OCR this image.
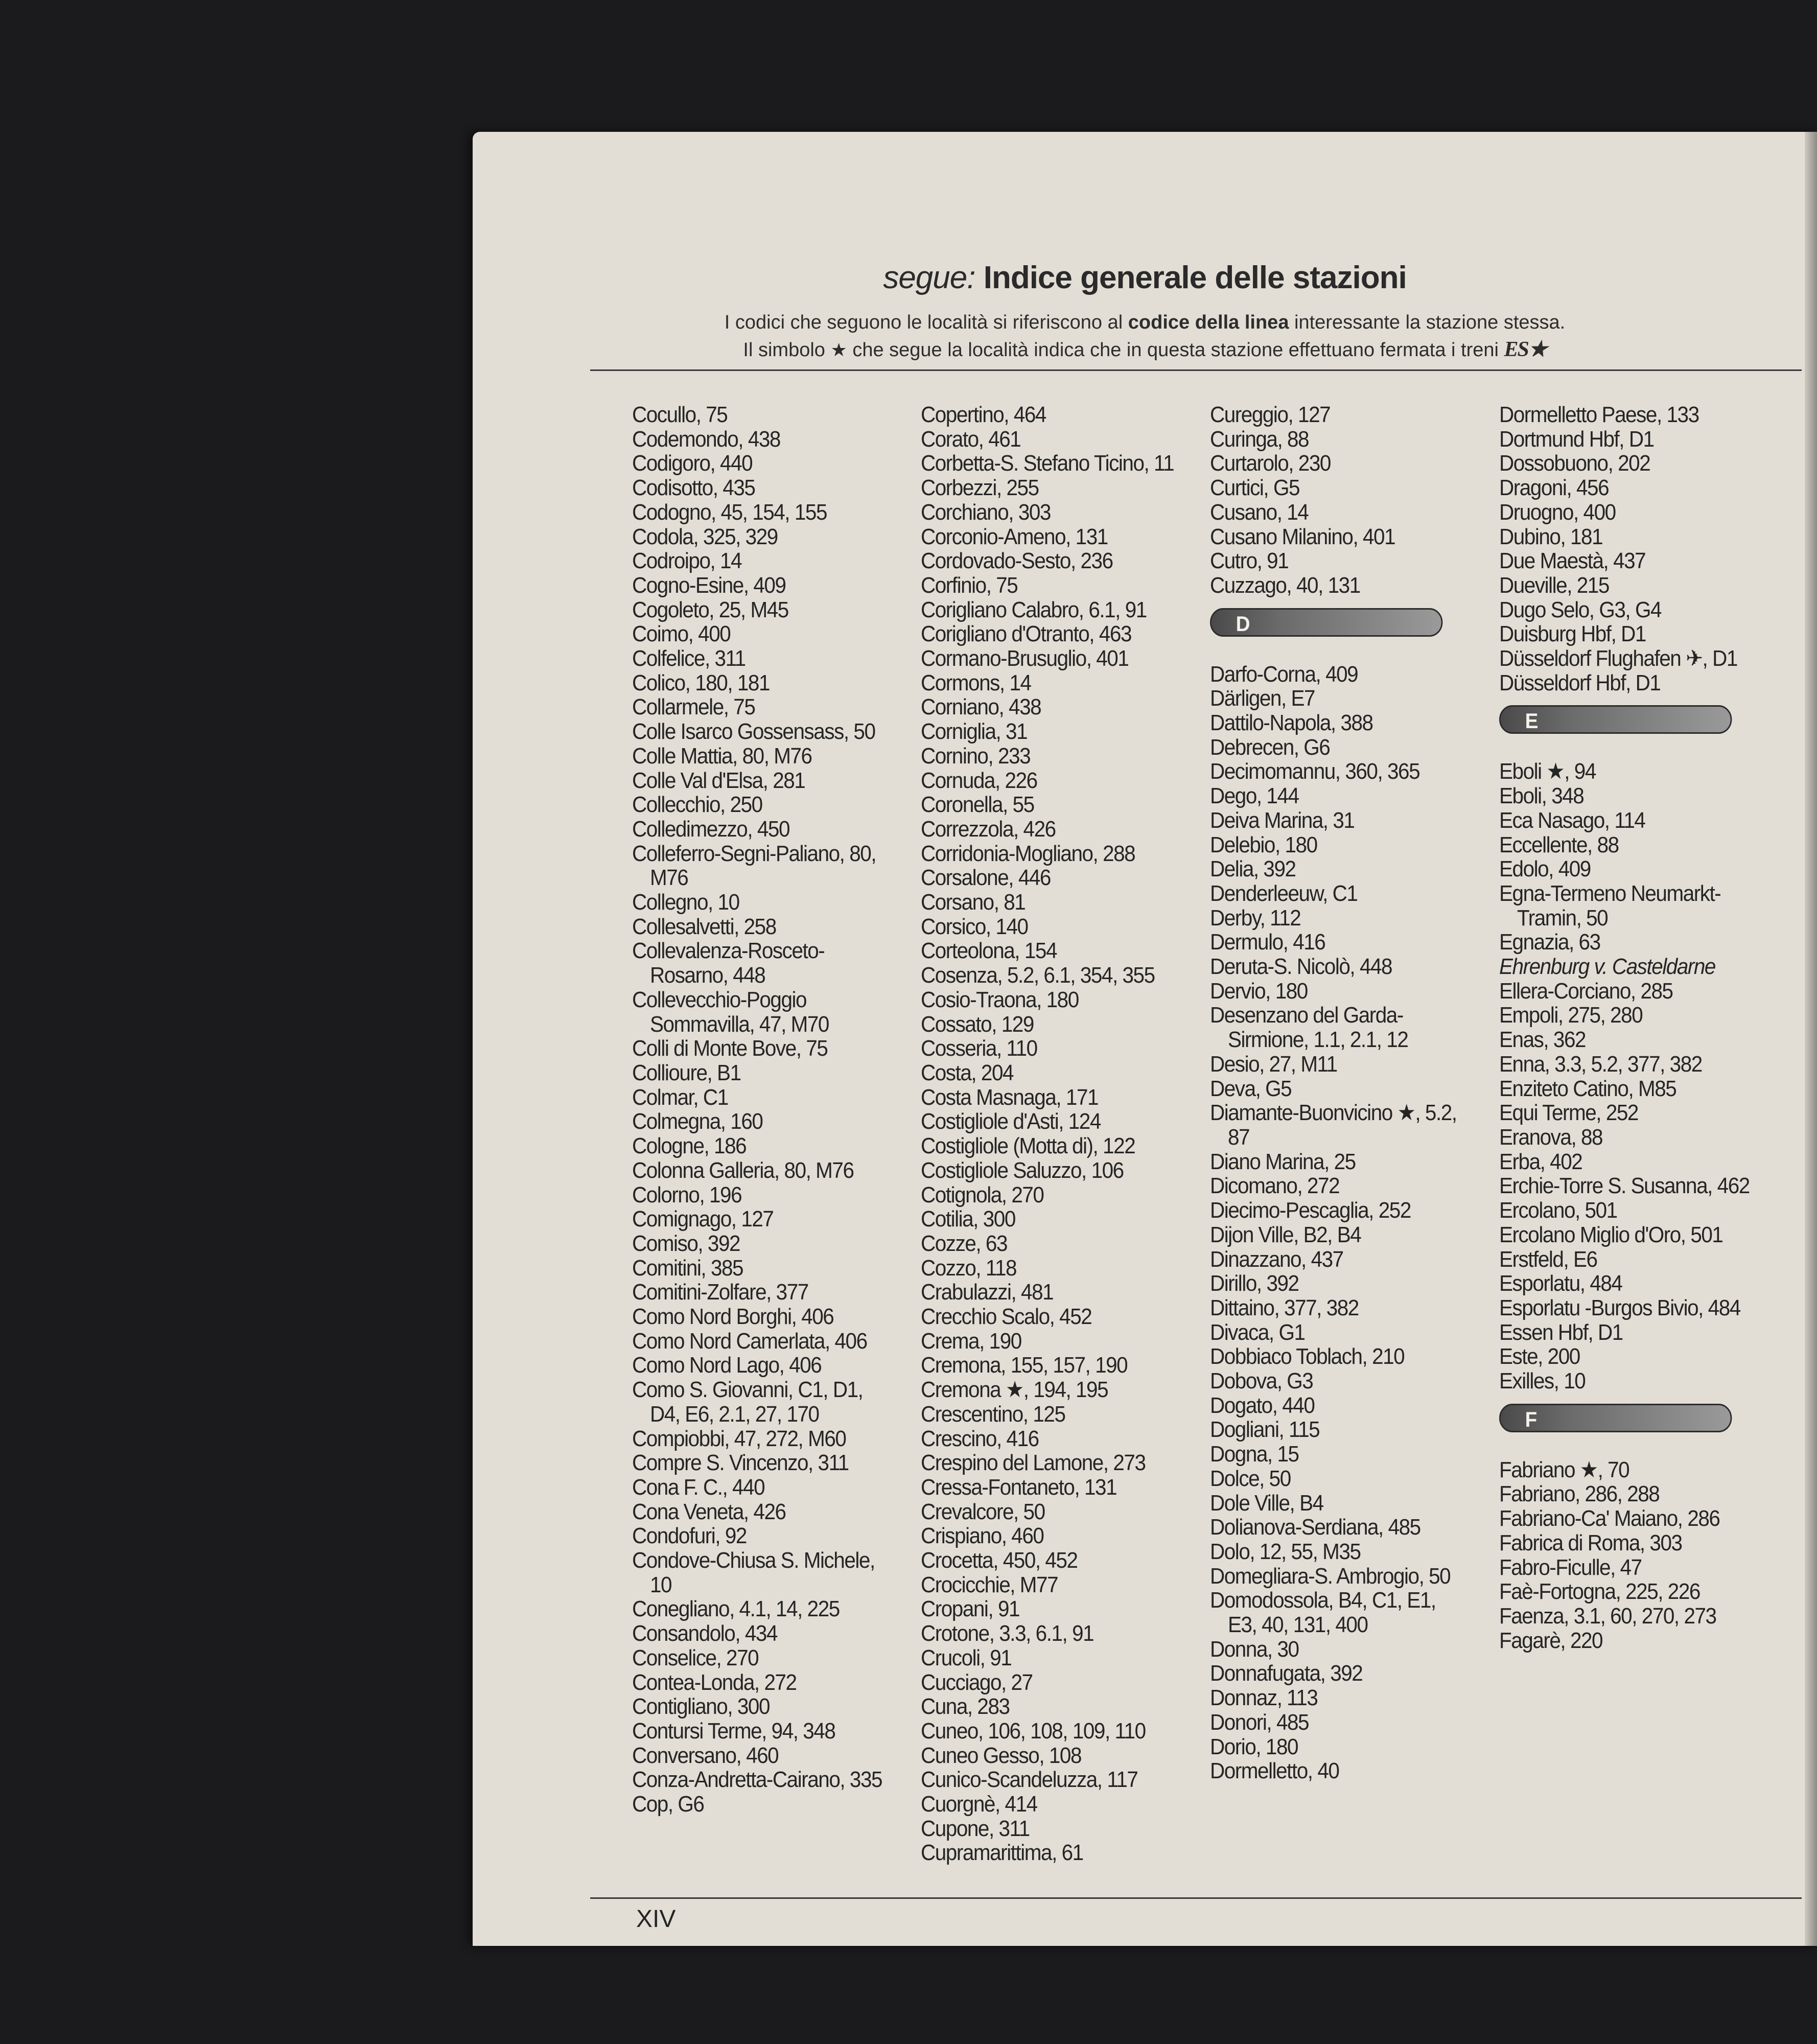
segue: Indice generale delle stazioni
I codici che seguono le località si riferiscono al codice della linea interessante la stazione stessa.
Il simbolo ★ che segue la località indica che in questa stazione effettuano fermata i treni ES★
Cocullo, 75
Codemondo, 438
Codigoro, 440
Codisotto, 435
Codogno, 45, 154, 155
Codola, 325, 329
Codroipo, 14
Cogno-Esine, 409
Cogoleto, 25, M45
Coimo, 400
Colfelice, 311
Colico, 180, 181
Collarmele, 75
Colle Isarco Gossensass, 50
Colle Mattia, 80, M76
Colle Val d'Elsa, 281
Collecchio, 250
Colledimezzo, 450
Colleferro-Segni-Paliano, 80, M76
Collegno, 10
Collesalvetti, 258
Collevalenza-Rosceto-Rosarno, 448
Collevecchio-Poggio Sommavilla, 47, M70
Colli di Monte Bove, 75
Collioure, B1
Colmar, C1
Colmegna, 160
Cologne, 186
Colonna Galleria, 80, M76
Colorno, 196
Comignago, 127
Comiso, 392
Comitini, 385
Comitini-Zolfare, 377
Como Nord Borghi, 406
Como Nord Camerlata, 406
Como Nord Lago, 406
Como S. Giovanni, C1, D1, D4, E6, 2.1, 27, 170
Compiobbi, 47, 272, M60
Compre S. Vincenzo, 311
Cona F. C., 440
Cona Veneta, 426
Condofuri, 92
Condove-Chiusa S. Michele, 10
Conegliano, 4.1, 14, 225
Consandolo, 434
Conselice, 270
Contea-Londa, 272
Contigliano, 300
Contursi Terme, 94, 348
Conversano, 460
Conza-Andretta-Cairano, 335
Cop, G6
Copertino, 464
Corato, 461
Corbetta-S. Stefano Ticino, 11
Corbezzi, 255
Corchiano, 303
Corconio-Ameno, 131
Cordovado-Sesto, 236
Corfinio, 75
Corigliano Calabro, 6.1, 91
Corigliano d'Otranto, 463
Cormano-Brusuglio, 401
Cormons, 14
Corniano, 438
Corniglia, 31
Cornino, 233
Cornuda, 226
Coronella, 55
Correzzola, 426
Corridonia-Mogliano, 288
Corsalone, 446
Corsano, 81
Corsico, 140
Corteolona, 154
Cosenza, 5.2, 6.1, 354, 355
Cosio-Traona, 180
Cossato, 129
Cosseria, 110
Costa, 204
Costa Masnaga, 171
Costigliole d'Asti, 124
Costigliole (Motta di), 122
Costigliole Saluzzo, 106
Cotignola, 270
Cotilia, 300
Cozze, 63
Cozzo, 118
Crabulazzi, 481
Crecchio Scalo, 452
Crema, 190
Cremona, 155, 157, 190
Cremona ★, 194, 195
Crescentino, 125
Crescino, 416
Crespino del Lamone, 273
Cressa-Fontaneto, 131
Crevalcore, 50
Crispiano, 460
Crocetta, 450, 452
Crocicchie, M77
Cropani, 91
Crotone, 3.3, 6.1, 91
Crucoli, 91
Cucciago, 27
Cuna, 283
Cuneo, 106, 108, 109, 110
Cuneo Gesso, 108
Cunico-Scandeluzza, 117
Cuorgnè, 414
Cupone, 311
Cupramarittima, 61
Cureggio, 127
Curinga, 88
Curtarolo, 230
Curtici, G5
Cusano, 14
Cusano Milanino, 401
Cutro, 91
Cuzzago, 40, 131
D
Darfo-Corna, 409
Därligen, E7
Dattilo-Napola, 388
Debrecen, G6
Decimomannu, 360, 365
Dego, 144
Deiva Marina, 31
Delebio, 180
Delia, 392
Denderleeuw, C1
Derby, 112
Dermulo, 416
Deruta-S. Nicolò, 448
Dervio, 180
Desenzano del Garda-Sirmione, 1.1, 2.1, 12
Desio, 27, M11
Deva, G5
Diamante-Buonvicino ★, 5.2, 87
Diano Marina, 25
Dicomano, 272
Diecimo-Pescaglia, 252
Dijon Ville, B2, B4
Dinazzano, 437
Dirillo, 392
Dittaino, 377, 382
Divaca, G1
Dobbiaco Toblach, 210
Dobova, G3
Dogato, 440
Dogliani, 115
Dogna, 15
Dolce, 50
Dole Ville, B4
Dolianova-Serdiana, 485
Dolo, 12, 55, M35
Domegliara-S. Ambrogio, 50
Domodossola, B4, C1, E1, E3, 40, 131, 400
Donna, 30
Donnafugata, 392
Donnaz, 113
Donori, 485
Dorio, 180
Dormelletto, 40
Dormelletto Paese, 133
Dortmund Hbf, D1
Dossobuono, 202
Dragoni, 456
Druogno, 400
Dubino, 181
Due Maestà, 437
Dueville, 215
Dugo Selo, G3, G4
Duisburg Hbf, D1
Düsseldorf Flughafen ✈, D1
Düsseldorf Hbf, D1
E
Eboli ★, 94
Eboli, 348
Eca Nasago, 114
Eccellente, 88
Edolo, 409
Egna-Termeno Neumarkt-Tramin, 50
Egnazia, 63
Ehrenburg v. Casteldarne
Ellera-Corciano, 285
Empoli, 275, 280
Enas, 362
Enna, 3.3, 5.2, 377, 382
Enziteto Catino, M85
Equi Terme, 252
Eranova, 88
Erba, 402
Erchie-Torre S. Susanna, 462
Ercolano, 501
Ercolano Miglio d'Oro, 501
Erstfeld, E6
Esporlatu, 484
Esporlatu -Burgos Bivio, 484
Essen Hbf, D1
Este, 200
Exilles, 10
F
Fabriano ★, 70
Fabriano, 286, 288
Fabriano-Ca' Maiano, 286
Fabrica di Roma, 303
Fabro-Ficulle, 47
Faè-Fortogna, 225, 226
Faenza, 3.1, 60, 270, 273
Fagarè, 220
XIV
